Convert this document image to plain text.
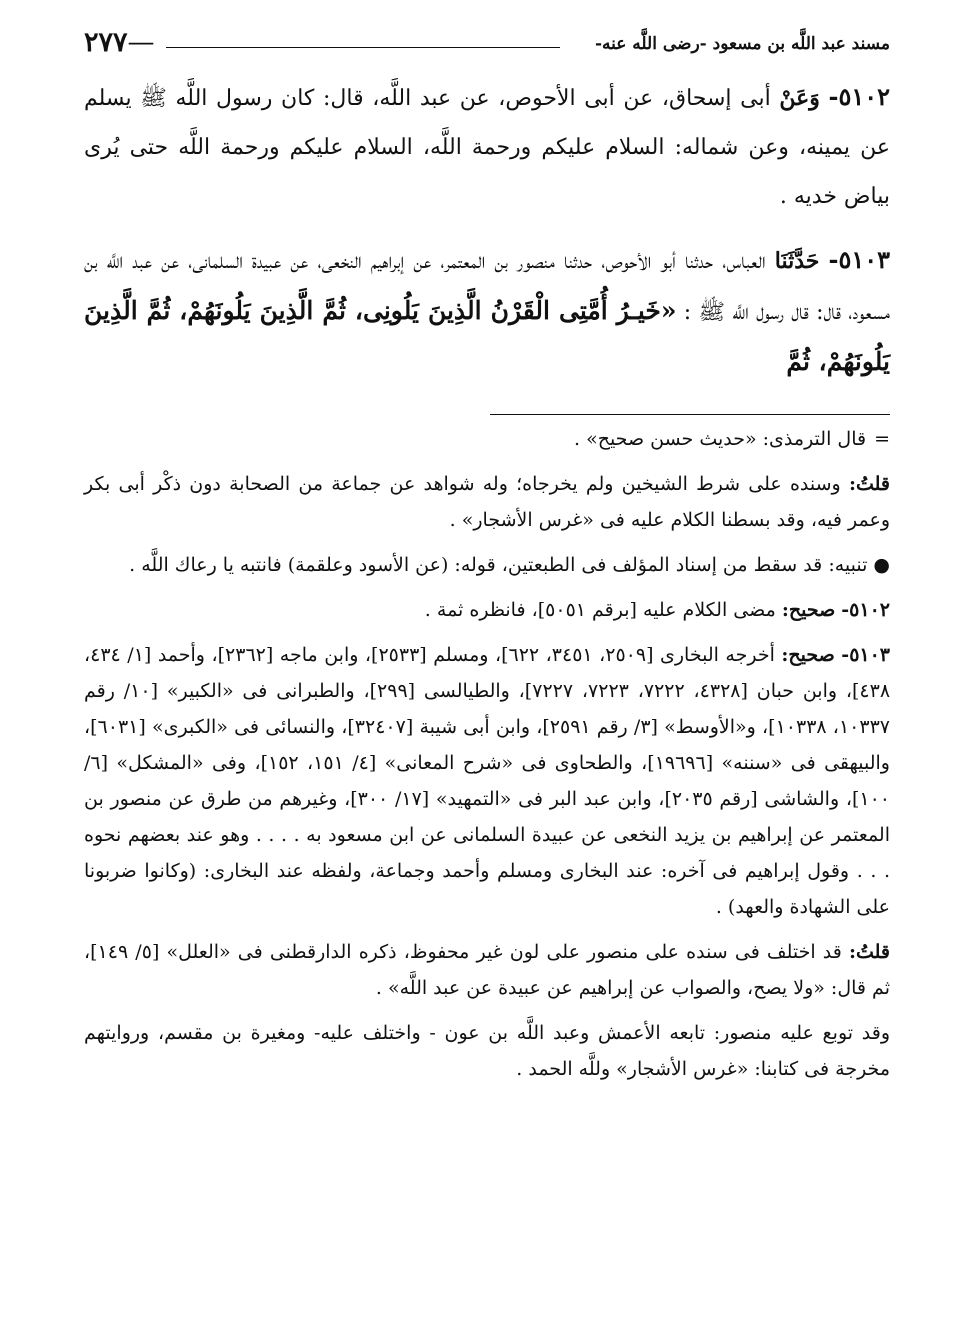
مسند عبد اللَّه بن مسعود -رضى اللَّه عنه-
٢٧٧—

٥١٠٢- وَعَنْ أبى إسحاق، عن أبى الأحوص، عن عبد اللَّه، قال: كان رسول اللَّه ﷺ يسلم عن يمينه، وعن شماله: السلام عليكم ورحمة اللَّه، السلام عليكم ورحمة اللَّه حتى يُرى بياض خديه .

٥١٠٣- حَدَّثَنَا العباس، حدثنا أبو الأحوص، حدثنا منصور بن المعتمر، عن إبراهيم النخعى، عن عبيدة السلمانى، عن عبد اللَّه بن مسعود، قال: قال رسول اللَّه ﷺ : «خَيـرُ أُمَّتِى الْقَرْنُ الَّذِينَ يَلُونِى، ثُمَّ الَّذِينَ يَلُونَهُمْ، ثُمَّ الَّذِينَ يَلُونَهُمْ، ثُمَّ

=قال الترمذى: «حديث حسن صحيح» .

قلتُ: وسنده على شرط الشيخين ولم يخرجاه؛ وله شواهد عن جماعة من الصحابة دون ذكْر أبى بكر وعمر فيه، وقد بسطنا الكلام عليه فى «غرس الأشجار» .

●تنبيه: قد سقط من إسناد المؤلف فى الطبعتين، قوله: (عن الأسود وعلقمة) فانتبه يا رعاك اللَّه .

٥١٠٢- صحيح: مضى الكلام عليه [برقم ٥٠٥١]، فانظره ثمة .

٥١٠٣- صحيح: أخرجه البخارى [٢٥٠٩، ٣٤٥١، ٦٢٢]، ومسلم [٢٥٣٣]، وابن ماجه [٢٣٦٢]، وأحمد [١/ ٤٣٤، ٤٣٨]، وابن حبان [٤٣٢٨، ٧٢٢٢، ٧٢٢٣، ٧٢٢٧]، والطيالسى [٢٩٩]، والطبرانى فى «الكبير» [١٠/ رقم ١٠٣٣٧، ١٠٣٣٨]، و«الأوسط» [٣/ رقم ٢٥٩١]، وابن أبى شيبة [٣٢٤٠٧]، والنسائى فى «الكبرى» [٦٠٣١]، والبيهقى فى «سننه» [١٩٦٩٦]، والطحاوى فى «شرح المعانى» [٤/ ١٥١، ١٥٢]، وفى «المشكل» [٦/ ١٠٠]، والشاشى [رقم ٢٠٣٥]، وابن عبد البر فى «التمهيد» [١٧/ ٣٠٠]، وغيرهم من طرق عن منصور بن المعتمر عن إبراهيم بن يزيد النخعى عن عبيدة السلمانى عن ابن مسعود به . . . . وهو عند بعضهم نحوه . . . وقول إبراهيم فى آخره: عند البخارى ومسلم وأحمد وجماعة، ولفظه عند البخارى: (وكانوا ضربونا على الشهادة والعهد) .

قلتُ: قد اختلف فى سنده على منصور على لون غير محفوظ، ذكره الدارقطنى فى «العلل» [٥/ ١٤٩]، ثم قال: «ولا يصح، والصواب عن إبراهيم عن عبيدة عن عبد اللَّه» .

وقد توبع عليه منصور: تابعه الأعمش وعبد اللَّه بن عون - واختلف عليه- ومغيرة بن مقسم، وروايتهم مخرجة فى كتابنا: «غرس الأشجار» وللَّه الحمد .
